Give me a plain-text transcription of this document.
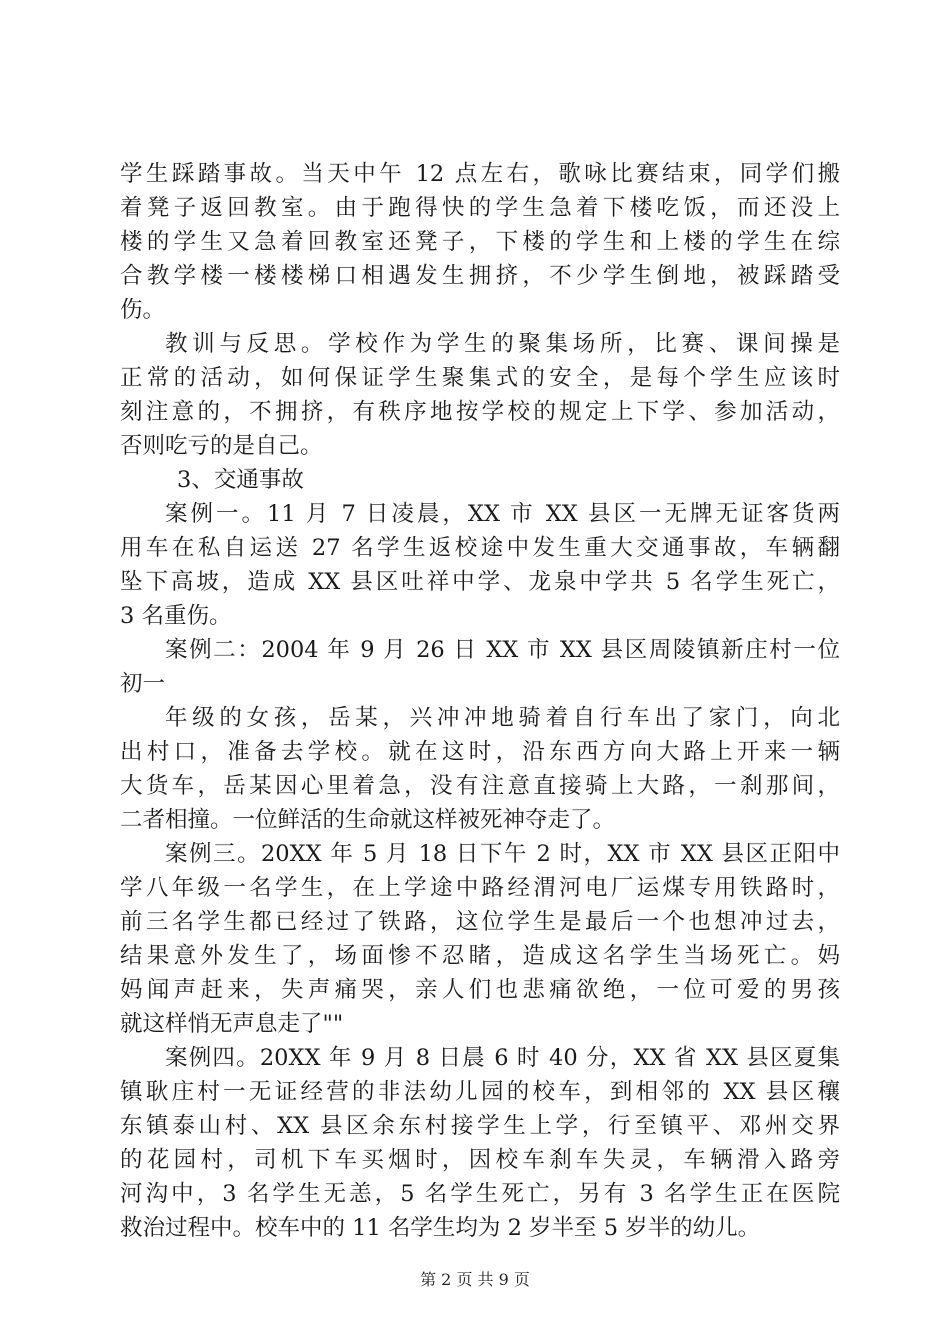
学生踩踏事故。当天中午 12 点左右，歌咏比赛结束，同学们搬
着凳子返回教室。由于跑得快的学生急着下楼吃饭，而还没上
楼的学生又急着回教室还凳子，下楼的学生和上楼的学生在综
合教学楼一楼楼梯口相遇发生拥挤，不少学生倒地，被踩踏受
伤。
教训与反思。学校作为学生的聚集场所，比赛、课间操是
正常的活动，如何保证学生聚集式的安全，是每个学生应该时
刻注意的，不拥挤，有秩序地按学校的规定上下学、参加活动，
否则吃亏的是自己。
3、交通事故
案例一。11 月 7 日凌晨，XX 市 XX 县区一无牌无证客货两
用车在私自运送 27 名学生返校途中发生重大交通事故，车辆翻
坠下高坡，造成 XX 县区吐祥中学、龙泉中学共 5 名学生死亡，
3 名重伤。
案例二：2004 年 9 月 26 日 XX 市 XX 县区周陵镇新庄村一位
初一
年级的女孩，岳某，兴冲冲地骑着自行车出了家门，向北
出村口，准备去学校。就在这时，沿东西方向大路上开来一辆
大货车，岳某因心里着急，没有注意直接骑上大路，一刹那间，
二者相撞。一位鲜活的生命就这样被死神夺走了。
案例三。20XX 年 5 月 18 日下午 2 时，XX 市 XX 县区正阳中
学八年级一名学生，在上学途中路经渭河电厂运煤专用铁路时，
前三名学生都已经过了铁路，这位学生是最后一个也想冲过去，
结果意外发生了，场面惨不忍睹，造成这名学生当场死亡。妈
妈闻声赶来，失声痛哭，亲人们也悲痛欲绝，一位可爱的男孩
就这样悄无声息走了""
案例四。20XX 年 9 月 8 日晨 6 时 40 分，XX 省 XX 县区夏集
镇耿庄村一无证经营的非法幼儿园的校车，到相邻的 XX 县区穰
东镇泰山村、XX 县区余东村接学生上学，行至镇平、邓州交界
的花园村，司机下车买烟时，因校车刹车失灵，车辆滑入路旁
河沟中，3 名学生无恙，5 名学生死亡，另有 3 名学生正在医院
救治过程中。校车中的 11 名学生均为 2 岁半至 5 岁半的幼儿。
第 2 页 共 9 页
